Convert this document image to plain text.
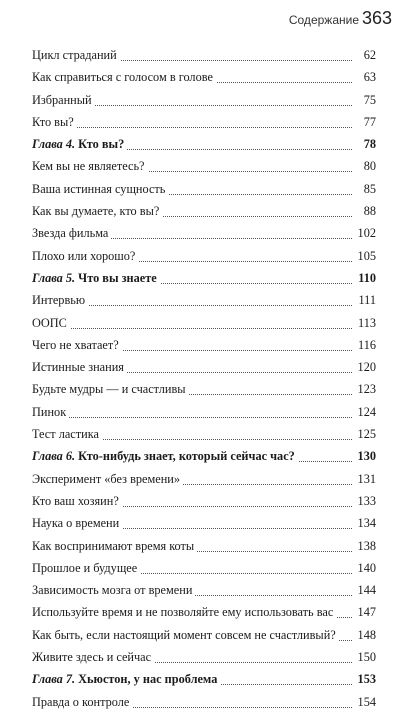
Содержание 363
Цикл страданий	62
Как справиться с голосом в голове	63
Избранный	75
Кто вы?	77
Глава 4. Кто вы?	78
Кем вы не являетесь?	80
Ваша истинная сущность	85
Как вы думаете, кто вы?	88
Звезда фильма	102
Плохо или хорошо?	105
Глава 5. Что вы знаете	110
Интервью	111
ООПС	113
Чего не хватает?	116
Истинные знания	120
Будьте мудры — и счастливы	123
Пинок	124
Тест ластика	125
Глава 6. Кто-нибудь знает, который сейчас час?	130
Эксперимент «без времени»	131
Кто ваш хозяин?	133
Наука о времени	134
Как воспринимают время коты	138
Прошлое и будущее	140
Зависимость мозга от времени	144
Используйте время и не позволяйте ему использовать вас 147
Как быть, если настоящий момент совсем не счастливый? 148
Живите здесь и сейчас	150
Глава 7. Хьюстон, у нас проблема	153
Правда о контроле	154
